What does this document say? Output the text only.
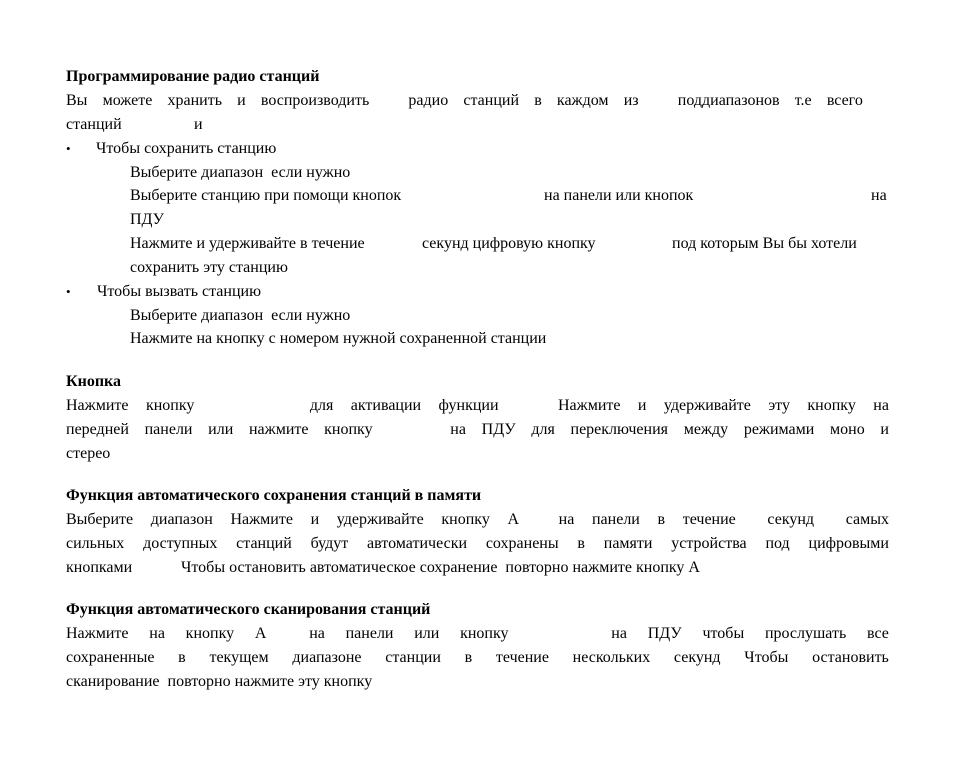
Программирование радио станций
Вы можете хранить и воспроизводить радио станций в каждом из поддиапазонов т.е всего
станций	и
• Чтобы сохранить станцию
Выберите диапазон  если нужно
Выберите станцию при помощи кнопок	на панели или кнопок	на
ПДУ
Нажмите и удерживайте в течение	секунд цифровую кнопку	под которым Вы бы хотели
сохранить эту станцию
• Чтобы вызвать станцию
Выберите диапазон  если нужно
Нажмите на кнопку с номером нужной сохраненной станции
Кнопка
Нажмите кнопку	для активации функции	Нажмите и удерживайте эту кнопку на
передней панели или нажмите кнопку	на ПДУ для переключения между режимами моно и
стерео
Функция автоматического сохранения станций в памяти
Выберите диапазон Нажмите и удерживайте кнопку А на панели в течение секунд самых
сильных доступных станций будут автоматически сохранены в памяти устройства под цифровыми
кнопками	Чтобы остановить автоматическое сохранение  повторно нажмите кнопку А
Функция автоматического сканирования станций
Нажмите на кнопку А	на панели или кнопку	на ПДУ чтобы прослушать все
сохраненные в текущем диапазоне станции в течение нескольких секунд Чтобы остановить
сканирование  повторно нажмите эту кнопку
